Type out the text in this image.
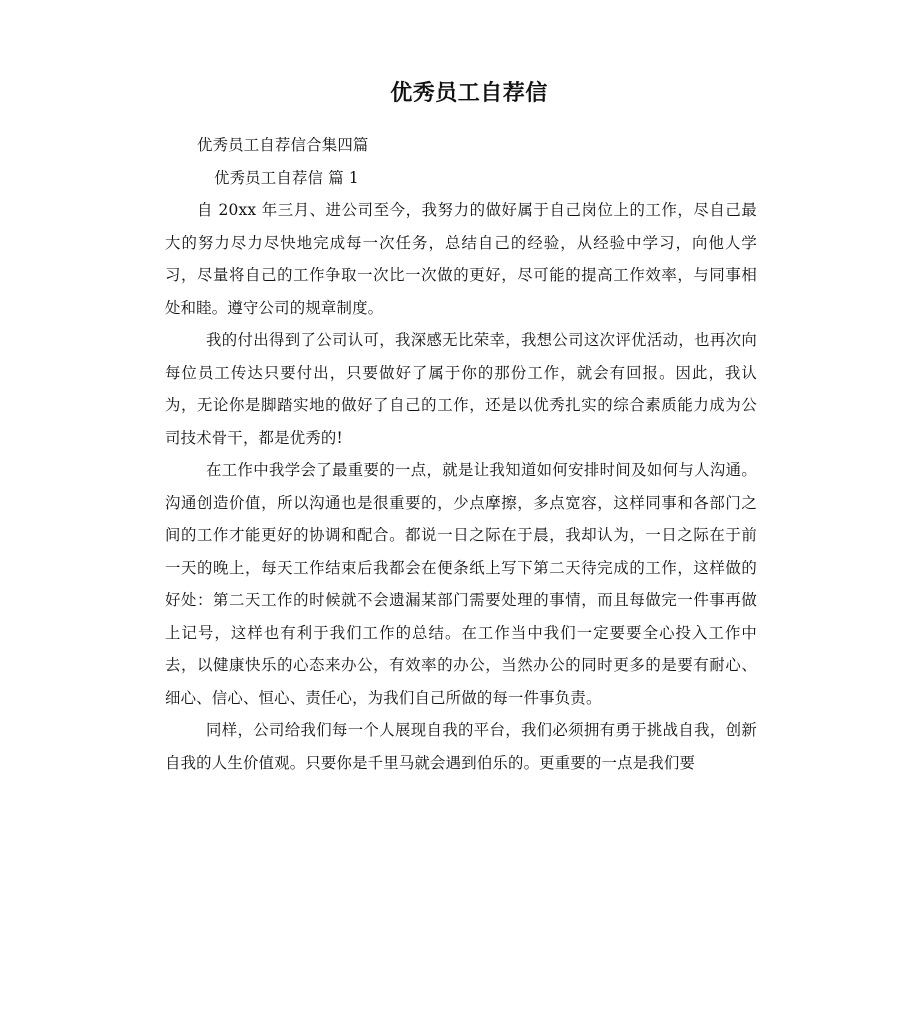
优秀员工自荐信

优秀员工自荐信合集四篇

优秀员工自荐信 篇 1

自 20xx 年三月、进公司至今，我努力的做好属于自己岗位上的工作，尽自己最大的努力尽力尽快地完成每一次任务，总结自己的经验，从经验中学习，向他人学习，尽量将自己的工作争取一次比一次做的更好，尽可能的提高工作效率，与同事相处和睦。遵守公司的规章制度。

我的付出得到了公司认可，我深感无比荣幸，我想公司这次评优活动，也再次向每位员工传达只要付出，只要做好了属于你的那份工作，就会有回报。因此，我认为，无论你是脚踏实地的做好了自己的工作，还是以优秀扎实的综合素质能力成为公司技术骨干，都是优秀的!

在工作中我学会了最重要的一点，就是让我知道如何安排时间及如何与人沟通。沟通创造价值，所以沟通也是很重要的，少点摩擦，多点宽容，这样同事和各部门之间的工作才能更好的协调和配合。都说一日之际在于晨，我却认为，一日之际在于前一天的晚上，每天工作结束后我都会在便条纸上写下第二天待完成的工作，这样做的好处：第二天工作的时候就不会遗漏某部门需要处理的事情，而且每做完一件事再做上记号，这样也有利于我们工作的总结。在工作当中我们一定要要全心投入工作中去，以健康快乐的心态来办公，有效率的办公，当然办公的同时更多的是要有耐心、细心、信心、恒心、责任心，为我们自己所做的每一件事负责。

同样，公司给我们每一个人展现自我的平台，我们必须拥有勇于挑战自我，创新自我的人生价值观。只要你是千里马就会遇到伯乐的。更重要的一点是我们要
